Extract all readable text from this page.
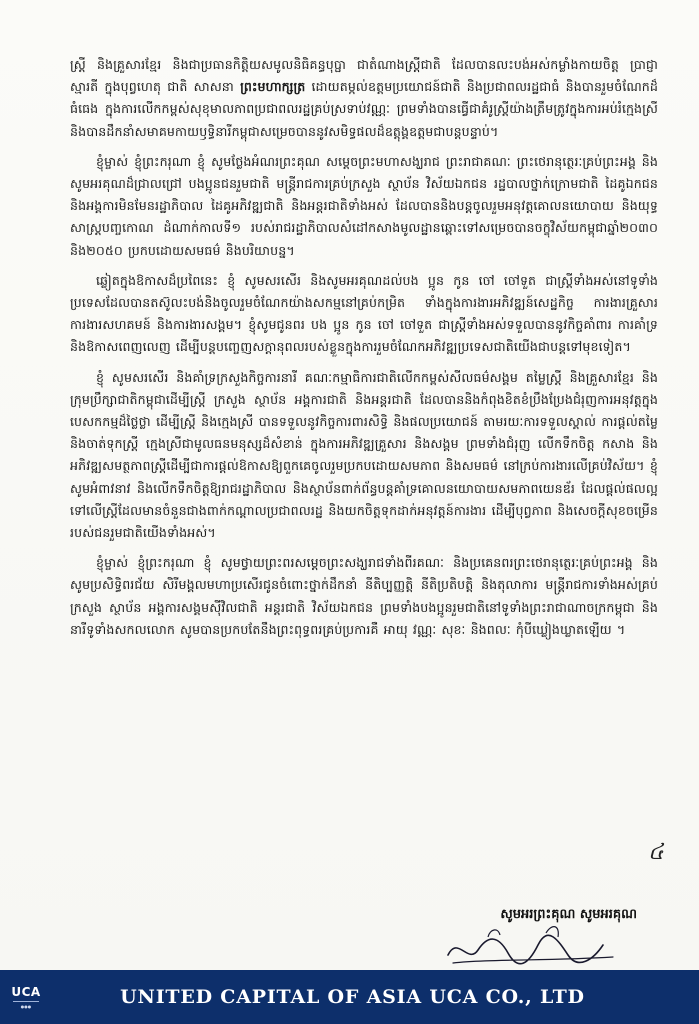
ស្ត្រី និងគ្រួសារខ្មែរ និងជាប្រធានកិត្តិយសមូលនិធិគន្ធបុប្ផា ជាតំណាងស្ត្រីជាតិ ដែលបានលះបង់អស់កម្លាំងកាយចិត្ត ប្រាជ្ញា ស្មារតី ក្នុងបុព្វហេតុ ជាតិ សាសនា ព្រះមហាក្សត្រ ដោយតម្កល់ឧត្តមប្រយោជន៍ជាតិ និងប្រជាពលរដ្ឋជាធំ និងបានរួមចំណែកដ៏ធំធេង ក្នុងការលើកកម្ពស់សុខុមាលភាពប្រជាពលរដ្ឋគ្រប់ស្រទាប់វណ្ណៈ ព្រមទាំងបានធ្វើជាគំរូស្ត្រីយ៉ាងត្រឹមត្រូវក្នុងការអប់រំក្មេងស្រី និងបានដឹកនាំសមាគមកាយឫទ្ធិនារីកម្ពុជាសម្រេចបាននូវសមិទ្ធផលដ៏ឧត្តុង្គឧត្តមជាបន្តបន្ទាប់។

ខ្ញុំម្ចាស់ ខ្ញុំព្រះករុណា ខ្ញុំ សូមថ្លែងអំណរព្រះគុណ សម្ដេចព្រះមហាសង្ឃរាជ ព្រះរាជាគណៈ ព្រះថេរានុត្ថេរៈគ្រប់ព្រះអង្គ និងសូមអរគុណដ៏ជ្រាលជ្រៅ បងប្អូនជនរួមជាតិ មន្ត្រីរាជការគ្រប់ក្រសួង ស្ថាប័ន វិស័យឯកជន រដ្ឋបាលថ្នាក់ក្រោមជាតិ ដៃគូឯកជន និងអង្គការមិនមែនរដ្ឋាភិបាល ដៃគូអភិវឌ្ឍជាតិ និងអន្តរជាតិទាំងអស់ ដែលបាននិងបន្តចូលរួមអនុវត្តគោលនយោបាយ និងយុទ្ធសាស្ត្របញ្ចកោណ ដំណាក់កាលទី១ របស់រាជរដ្ឋាភិបាលសំដៅកសាងមូលដ្ឋានឆ្ពោះទៅសម្រេចបានចក្ខុវិស័យកម្ពុជាឆ្នាំ២០៣០ និង២០៥០ ប្រកបដោយសមធម៌ និងបរិយាបន្ន។

ឆ្លៀតក្នុងឱកាសដ៏ប្រពៃនេះ ខ្ញុំ សូមសរសើរ និងសូមអរគុណដល់បង ប្អូន កូន ចៅ ចៅទួត ជាស្ត្រីទាំងអស់នៅទូទាំងប្រទេសដែលបានតស៊ូលះបង់និងចូលរួមចំណែកយ៉ាងសកម្មនៅគ្រប់កម្រិត ទាំងក្នុងការងារអភិវឌ្ឍន៍សេដ្ឋកិច្ច ការងារគ្រួសារ ការងារសហគមន៍ និងការងារសង្គម។ ខ្ញុំសូមជូនពរ បង ប្អូន កូន ចៅ ចៅទួត ជាស្ត្រីទាំងអស់ទទួលបាននូវកិច្ចគាំពារ ការគាំទ្រ និងឱកាសពេញលេញ ដើម្បីបន្តបញ្ចេញសក្តានុពលរបស់ខ្លួនក្នុងការរួមចំណែកអភិវឌ្ឍប្រទេសជាតិយើងជាបន្តទៅមុខទៀត។

ខ្ញុំ សូមសរសើរ និងគាំទ្រក្រសួងកិច្ចការនារី គណៈកម្មាធិការជាតិលើកកម្ពស់សីលធម៌សង្គម តម្លៃស្ត្រី និងគ្រួសារខ្មែរ និងក្រុមប្រឹក្សាជាតិកម្ពុជាដើម្បីស្ត្រី ក្រសួង ស្ថាប័ន អង្គការជាតិ និងអន្តរជាតិ ដែលបាននិងកំពុងខិតខំប្រឹងប្រែងជំរុញការអនុវត្តក្នុងបេសកកម្មដ៏ថ្លៃថ្លា ដើម្បីស្ត្រី និងក្មេងស្រី បានទទួលនូវកិច្ចការពារសិទ្ធិ និងផលប្រយោជន៍ តាមរយៈការទទួលស្គាល់ ការផ្ដល់តម្លៃ និងចាត់ទុកស្ត្រី ក្មេងស្រីជាមូលធនមនុស្សដ៏សំខាន់ ក្នុងការអភិវឌ្ឍគ្រួសារ និងសង្គម ព្រមទាំងជំរុញ លើកទឹកចិត្ត កសាង និងអភិវឌ្ឍសមត្ថភាពស្ត្រីដើម្បីជាការផ្ដល់ឱកាសឱ្យពួកគេចូលរួមប្រកបដោយសមភាព និងសមធម៌ នៅក្រប់ការងារលើគ្រប់វិស័យ។ ខ្ញុំ សូមអំពាវនាវ និងលើកទឹកចិត្តឱ្យរាជរដ្ឋាភិបាល និងស្ថាប័នពាក់ព័ន្ធបន្តគាំទ្រគោលនយោបាយសមភាពយេនឌ័រ ដែលផ្ដល់ផលល្អទៅលើស្ត្រីដែលមានចំនួនជាងពាក់កណ្ដាលប្រជាពលរដ្ឋ និងយកចិត្តទុកដាក់អនុវត្តន៍ការងារ ដើម្បីបុព្វភាព និងសេចក្ដីសុខចម្រើនរបស់ជនរួមជាតិយើងទាំងអស់។

ខ្ញុំម្ចាស់ ខ្ញុំព្រះករុណា ខ្ញុំ សូមថ្វាយព្រះពរសម្ដេចព្រះសង្ឃរាជទាំងពីរគណៈ និងប្រគេនពរព្រះថេរានុត្ថេរៈគ្រប់ព្រះអង្គ និងសូមប្រសិទ្ធិពរជ័យ សិរីមង្គលមហាប្រសើរជូនចំពោះថ្នាក់ដឹកនាំ នីតិប្បញ្ញត្តិ នីតិប្រតិបត្តិ និងតុលាការ មន្ត្រីរាជការទាំងអស់គ្រប់ក្រសួង ស្ថាប័ន អង្គការសង្គមស៊ីវិលជាតិ អន្តរជាតិ វិស័យឯកជន ព្រមទាំងបងប្អូនរួមជាតិនៅទូទាំងព្រះរាជាណាចក្រកម្ពុជា និងនារីទូទាំងសកលលោក សូមបានប្រកបតែនឹងព្រះពុទ្ធពរគ្រប់ប្រការគឺ អាយុ វណ្ណៈ សុខៈ និងពលៈ កុំបីឃ្លៀងឃ្លាតឡើយ ។

៤
សូមអរព្រះគុណ សូមអរគុណ
UCA
●●●	UNITED CAPITAL OF ASIA UCA CO., LTD
